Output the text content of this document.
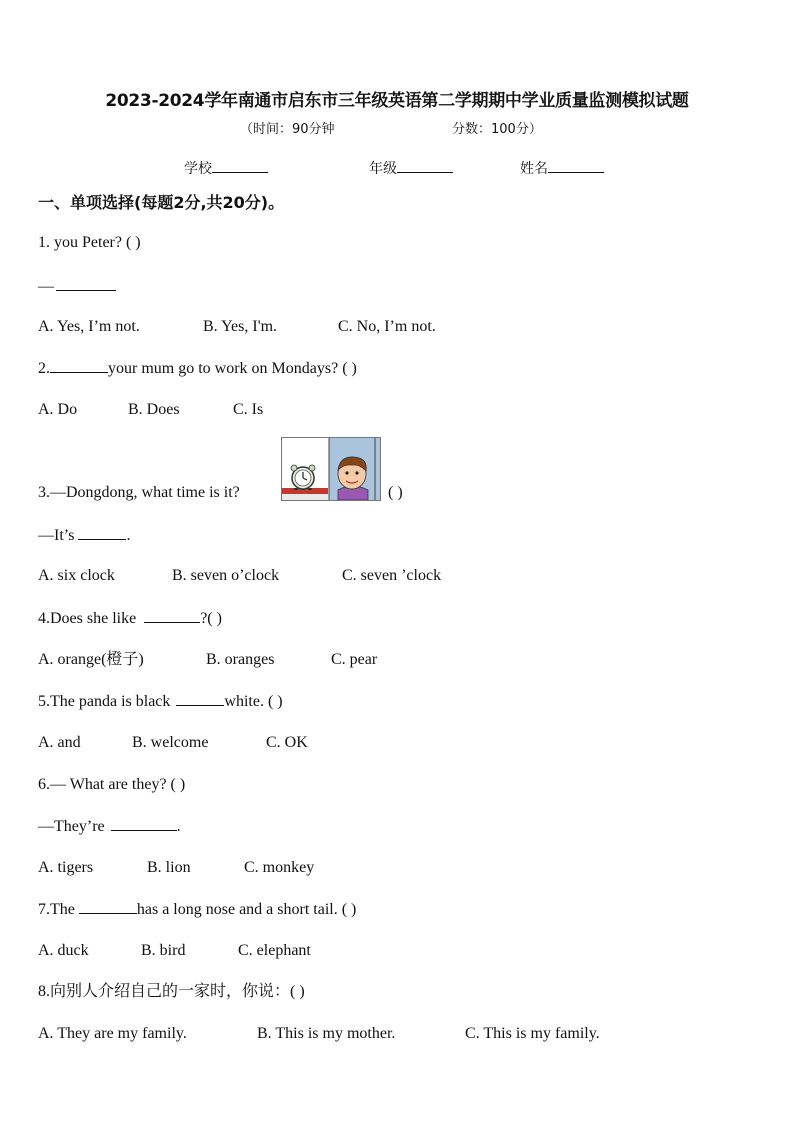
2023-2024学年南通市启东市三年级英语第二学期期中学业质量监测模拟试题
（时间：90分钟	分数：100分）
学校	年级	姓名
一、单项选择(每题2分,共20分)。
1. you Peter? ( )
—
A. Yes, I’m not.	B. Yes, I'm.	C. No, I’m not.
2.	your mum go to work on Mondays? ( )
A. Do	B. Does	C. Is
3.—Dongdong, what time is it?	( )
—It’s	.
A. six clock	B. seven o’clock	C. seven ’clock
4.Does she like	?( )
A. orange(橙子)	B. oranges	C. pear
5.The panda is black	white. ( )
A. and	B. welcome	C. OK
6.— What are they? ( )
—They’re	.
A. tigers	B. lion	C. monkey
7.The	has a long nose and a short tail. ( )
A. duck	B. bird	C. elephant
8.向别人介绍自己的一家时，你说：( )
A. They are my family.	B. This is my mother.	C. This is my family.
